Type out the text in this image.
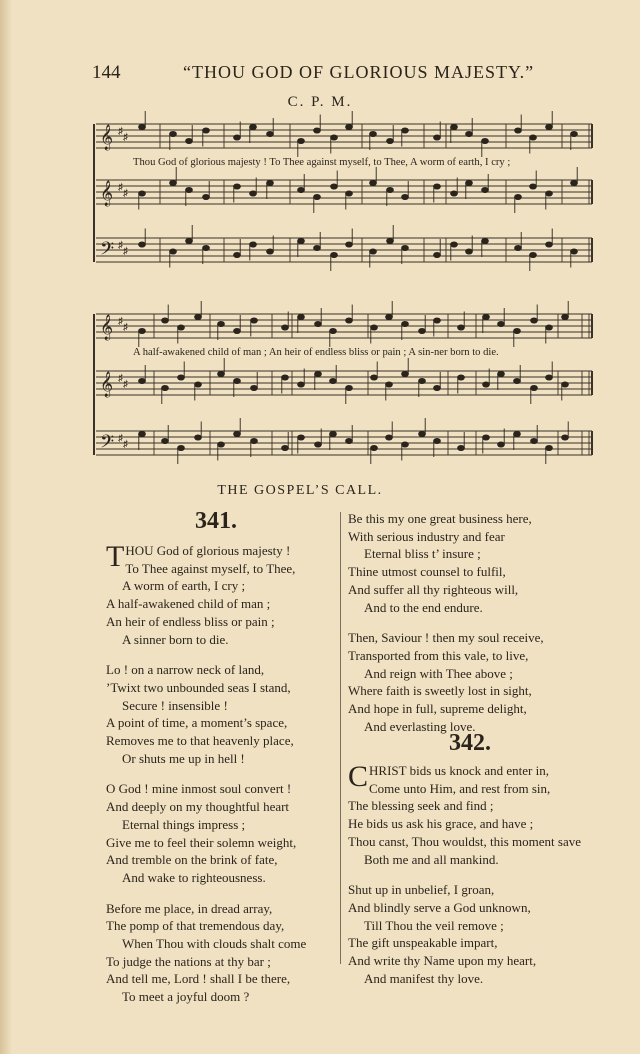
144	“THOU GOD OF GLORIOUS MAJESTY.”
C. P. M.
𝄞 ♯
♯
𝄞 ♯
♯
𝄢 ♯
♯
𝄞 ♯
♯
𝄞 ♯
♯
𝄢 ♯
♯
Thou God of glorious majesty ! To Thee against myself, to Thee, A worm of earth, I cry ;
A half-awakened child of man ; An heir of endless bliss or pain ; A sin-ner born to die.
THE GOSPEL’S CALL.
341.
THOU God of glorious majesty !
To Thee against myself, to Thee,
A worm of earth, I cry ;
A half-awakened child of man ;
An heir of endless bliss or pain ;
A sinner born to die.
Lo ! on a narrow neck of land,
’Twixt two unbounded seas I stand,
Secure ! insensible !
A point of time, a moment’s space,
Removes me to that heavenly place,
Or shuts me up in hell !
O God ! mine inmost soul convert !
And deeply on my thoughtful heart
Eternal things impress ;
Give me to feel their solemn weight,
And tremble on the brink of fate,
And wake to righteousness.
Before me place, in dread array,
The pomp of that tremendous day,
When Thou with clouds shalt come
To judge the nations at thy bar ;
And tell me, Lord ! shall I be there,
To meet a joyful doom ?
Be this my one great business here,
With serious industry and fear
Eternal bliss t’ insure ;
Thine utmost counsel to fulfil,
And suffer all thy righteous will,
And to the end endure.
Then, Saviour ! then my soul receive,
Transported from this vale, to live,
And reign with Thee above ;
Where faith is sweetly lost in sight,
And hope in full, supreme delight,
And everlasting love.
342.
CHRIST bids us knock and enter in,
Come unto Him, and rest from sin,
The blessing seek and find ;
He bids us ask his grace, and have ;
Thou canst, Thou wouldst, this moment save
Both me and all mankind.
Shut up in unbelief, I groan,
And blindly serve a God unknown,
Till Thou the veil remove ;
The gift unspeakable impart,
And write thy Name upon my heart,
And manifest thy love.
